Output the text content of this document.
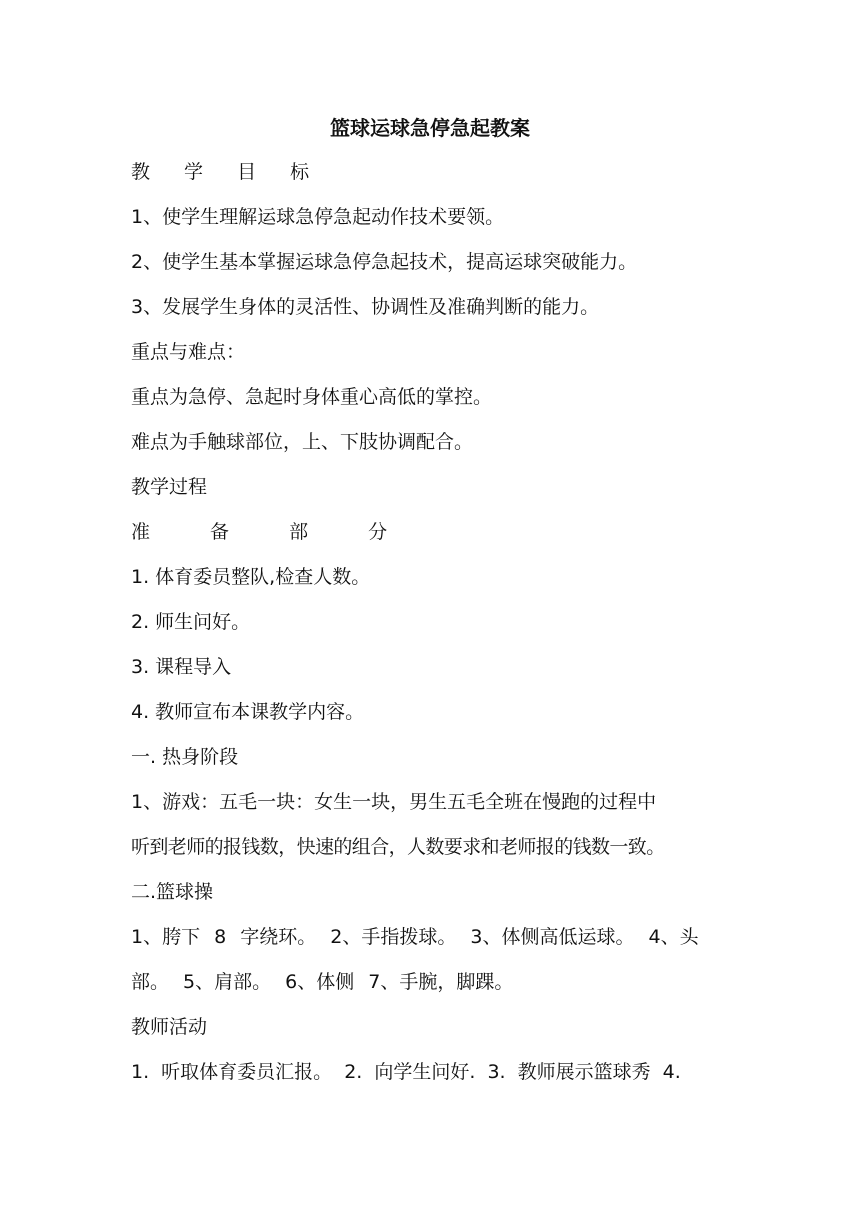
篮球运球急停急起教案
教 学 目 标
1、使学生理解运球急停急起动作技术要领。
2、使学生基本掌握运球急停急起技术，提高运球突破能力。
3、发展学生身体的灵活性、协调性及准确判断的能力。
重点与难点：
重点为急停、急起时身体重心高低的掌控。
难点为手触球部位，上、下肢协调配合。
教学过程
准 备 部 分
1. 体育委员整队,检查人数。
2. 师生问好。
3. 课程导入
4. 教师宣布本课教学内容。
一. 热身阶段
1、游戏：五毛一块：女生一块，男生五毛全班在慢跑的过程中
听到老师的报钱数，快速的组合，人数要求和老师报的钱数一致。
二.篮球操
1、胯下 8 字绕环。 2、手指拨球。 3、体侧高低运球。 4、头
部。 5、肩部。 6、体侧 7、手腕，脚踝。
教师活动
1. 听取体育委员汇报。 2. 向学生问好. 3. 教师展示篮球秀 4.
